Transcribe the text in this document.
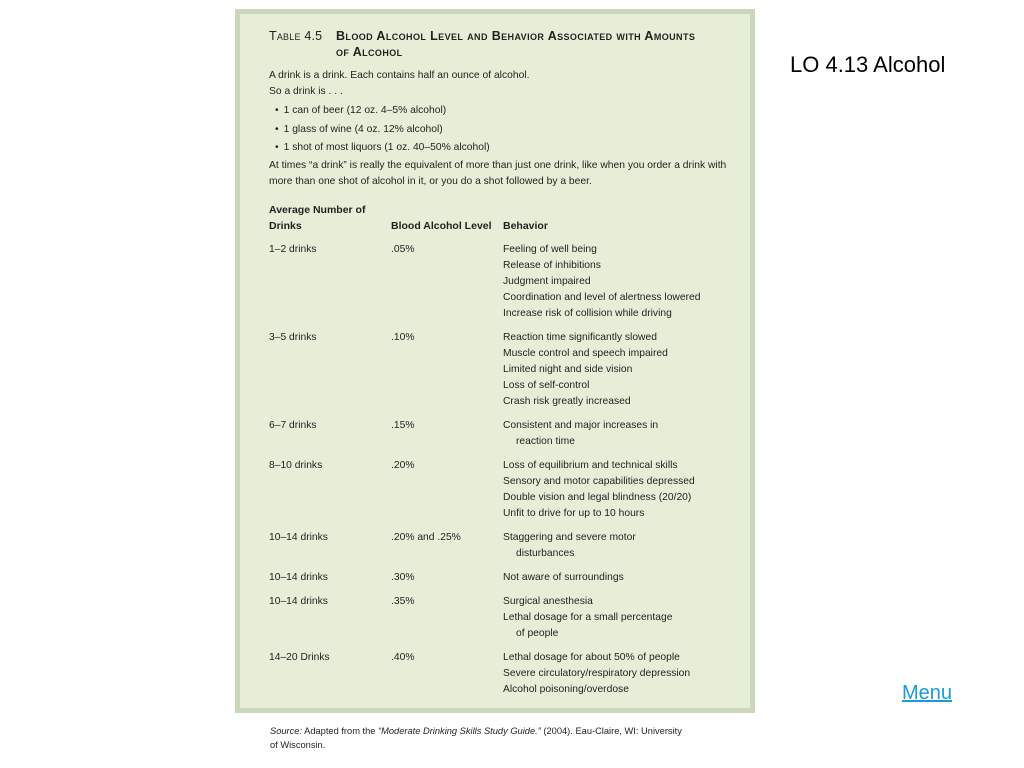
LO 4.13 Alcohol
Menu
Table 4.5	Blood Alcohol Level and Behavior Associated with Amounts of Alcohol

A drink is a drink. Each contains half an ounce of alcohol.

So a drink is . . .

• 1 can of beer (12 oz. 4–5% alcohol)
• 1 glass of wine (4 oz. 12% alcohol)
• 1 shot of most liquors (1 oz. 40–50% alcohol)

At times “a drink” is really the equivalent of more than just one drink, like when you order a drink with more than one shot of alcohol in it, or you do a shot followed by a beer.

Average Number of Drinks	Blood Alcohol Level	Behavior
1–2 drinks	.05%	Feeling of well being
Release of inhibitions
Judgment impaired
Coordination and level of alertness lowered
Increase risk of collision while driving

3–5 drinks	.10%	Reaction time significantly slowed
Muscle control and speech impaired
Limited night and side vision
Loss of self-control
Crash risk greatly increased

6–7 drinks	.15%	Consistent and major increases in
reaction time

8–10 drinks	.20%	Loss of equilibrium and technical skills
Sensory and motor capabilities depressed
Double vision and legal blindness (20/20)
Unfit to drive for up to 10 hours

10–14 drinks	.20% and .25%	Staggering and severe motor
disturbances

10–14 drinks	.30%	Not aware of surroundings

10–14 drinks	.35%	Surgical anesthesia
Lethal dosage for a small percentage
of people

14–20 Drinks	.40%	Lethal dosage for about 50% of people
Severe circulatory/respiratory depression
Alcohol poisoning/overdose
Source: Adapted from the “Moderate Drinking Skills Study Guide.” (2004). Eau-Claire, WI: University of Wisconsin.
